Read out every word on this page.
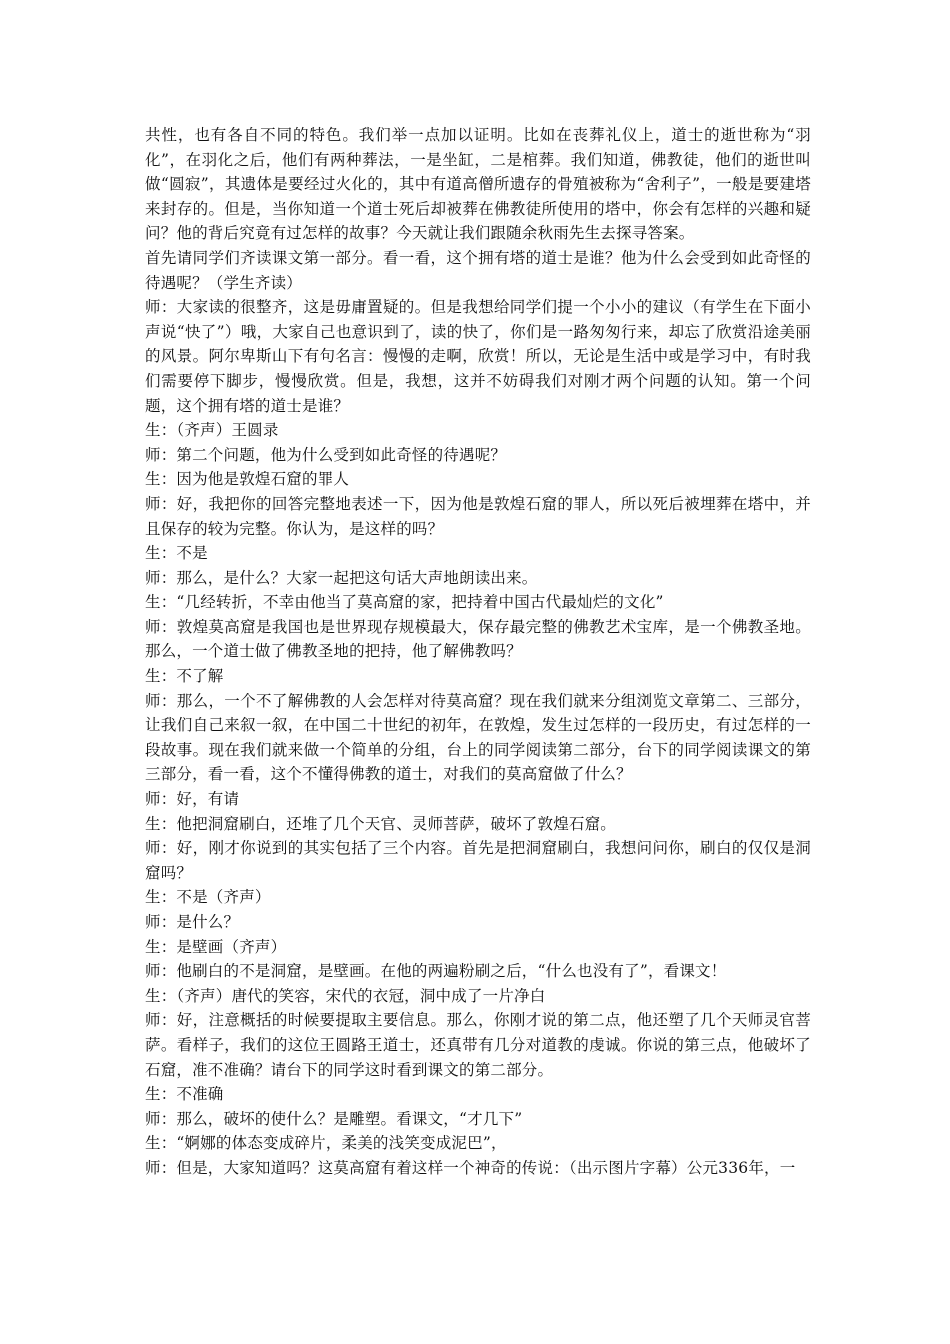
共性，也有各自不同的特色。我们举一点加以证明。比如在丧葬礼仪上，道士的逝世称为“羽化”，在羽化之后，他们有两种葬法，一是坐缸，二是棺葬。我们知道，佛教徒，他们的逝世叫做“圆寂”，其遗体是要经过火化的，其中有道高僧所遗存的骨殖被称为“舍利子”，一般是要建塔来封存的。但是，当你知道一个道士死后却被葬在佛教徒所使用的塔中，你会有怎样的兴趣和疑问？他的背后究竟有过怎样的故事？今天就让我们跟随余秋雨先生去探寻答案。

首先请同学们齐读课文第一部分。看一看，这个拥有塔的道士是谁？他为什么会受到如此奇怪的待遇呢？（学生齐读）

师：大家读的很整齐，这是毋庸置疑的。但是我想给同学们提一个小小的建议（有学生在下面小声说“快了”）哦，大家自己也意识到了，读的快了，你们是一路匆匆行来，却忘了欣赏沿途美丽的风景。阿尔卑斯山下有句名言：慢慢的走啊，欣赏！所以，无论是生活中或是学习中，有时我们需要停下脚步，慢慢欣赏。但是，我想，这并不妨碍我们对刚才两个问题的认知。第一个问题，这个拥有塔的道士是谁？

生：（齐声）王圆录

师：第二个问题，他为什么受到如此奇怪的待遇呢？

生：因为他是敦煌石窟的罪人

师：好，我把你的回答完整地表述一下，因为他是敦煌石窟的罪人，所以死后被埋葬在塔中，并且保存的较为完整。你认为，是这样的吗？

生：不是

师：那么，是什么？大家一起把这句话大声地朗读出来。

生：“几经转折，不幸由他当了莫高窟的家，把持着中国古代最灿烂的文化”

师：敦煌莫高窟是我国也是世界现存规模最大，保存最完整的佛教艺术宝库，是一个佛教圣地。那么，一个道士做了佛教圣地的把持，他了解佛教吗？

生：不了解

师：那么，一个不了解佛教的人会怎样对待莫高窟？现在我们就来分组浏览文章第二、三部分，让我们自己来叙一叙，在中国二十世纪的初年，在敦煌，发生过怎样的一段历史，有过怎样的一段故事。现在我们就来做一个简单的分组，台上的同学阅读第二部分，台下的同学阅读课文的第三部分，看一看，这个不懂得佛教的道士，对我们的莫高窟做了什么？

师：好，有请

生：他把洞窟刷白，还堆了几个天官、灵师菩萨，破坏了敦煌石窟。

师：好，刚才你说到的其实包括了三个内容。首先是把洞窟刷白，我想问问你，刷白的仅仅是洞窟吗？

生：不是（齐声）

师：是什么？

生：是壁画（齐声）

师：他刷白的不是洞窟，是壁画。在他的两遍粉刷之后，“什么也没有了”，看课文！

生：（齐声）唐代的笑容，宋代的衣冠，洞中成了一片净白

师：好，注意概括的时候要提取主要信息。那么，你刚才说的第二点，他还塑了几个天师灵官菩萨。看样子，我们的这位王圆路王道士，还真带有几分对道教的虔诚。你说的第三点，他破坏了石窟，准不准确？请台下的同学这时看到课文的第二部分。

生：不准确

师：那么，破坏的使什么？是雕塑。看课文，“才几下”

生：“婀娜的体态变成碎片，柔美的浅笑变成泥巴”，

师：但是，大家知道吗？这莫高窟有着这样一个神奇的传说：（出示图片字幕）公元336年，一
